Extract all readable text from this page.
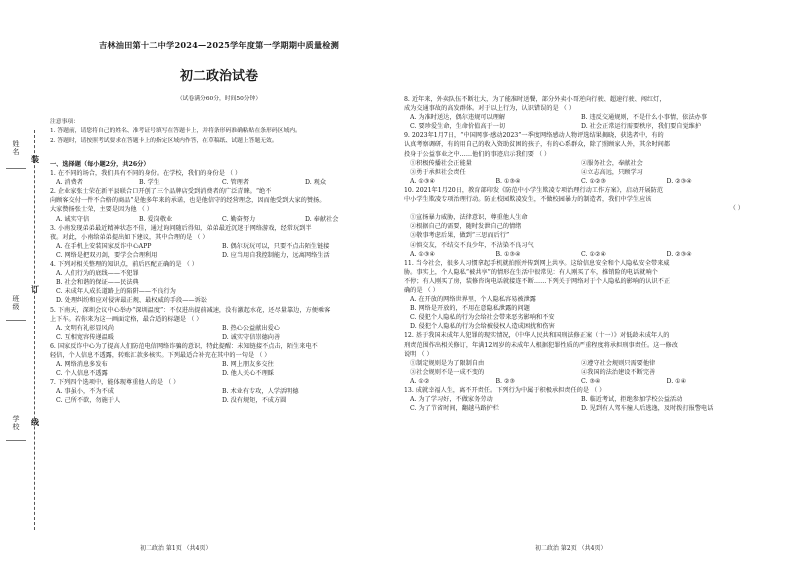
姓名
班级
学校
装
订
线
吉林油田第十二中学2024—2025学年度第一学期期中质量检测
初二政治试卷
（试卷满分60分，时间50分钟）
注意事项：
1. 答题前，请您将自己的姓名、准考证号填写在答题卡上，并将条形码准确粘贴在条形码区域内。
2. 答题时，请按照考试要求在答题卡上的指定区域内作答，在草稿纸、试题上答题无效。
一、选择题（每小题2分，共26分）
1. 在不同的场合，我们具有不同的身份。在学校，我们的身份是 （ ）
A. 消费者	B. 学生	C. 管理者	D. 观众
2. 企业家张士荣在新平县联合口开创了三个品牌店受到消费者的广泛青睐。“绝不
向顾客交付一件不合格的商品”是他多年来的承诺，也是他信守的经营理念，因而他受到大家的赞扬。
大家赞扬张士荣，主要是因为他 （ ）
A. 诚实守信	B. 爱岗敬业	C. 勤奋努力	D. 奉献社会
3. 小南发现弟弟最近精神状态不佳，通过询问随后得知，弟弟最近沉迷于网络游戏，经常玩到半
夜。对此，小南给弟弟提出如下建议，其中合理的是 （ ）
A. 在手机上安装国家反诈中心APP	B. 偶尔玩玩可以，只要不点击陌生链接
C. 网络是把双刃剑，要学会合理利用	D. 应当用自我控制能力，远离网络生活
4. 下列对相关整理的知识点，前后匹配正确的是 （ ）
A. 人们行为的底线——不犯罪
B. 社会和谐的保证——民法典
C. 未成年人成长道路上的陷阱——不良行为
D. 处理纠纷和应对侵害最正规、最权威的手段——诉讼
5. 下南天，深圳会议中心举办“深圳温度”：不仅进出提前减速，没有激起水花，还尽量靠边，方便乘客
上下车。若你来为这一画面定格，最合适的标题是 （ ）
A. 文明有礼彰显风尚	B. 热心公益献出爱心
C. 互相宽容传递温暖	D. 诚实守信崇德向善
6. 国家反诈中心为了提高人们防范电信网络诈骗的意识，特此提醒：未知链接不点击，陌生来电不
轻信，个人信息不透露，转账汇款多核实。下列最适合补充在其中的一句是 （ ）
A. 网络消息多发布	B. 网上朋友多交往
C. 个人信息不透露	D. 他人关心不理睬
7. 下列四个选项中，能体现尊重他人的是 （ ）
A. 事虽小，不为不成	B. 术业有专攻，人学活明德
C. 己所不欲，勿施于人	D. 没有规矩，不成方圆
8. 近年来，外卖队伍不断壮大，为了能准时送餐，部分外卖小哥逆向行驶、超速行驶、闯红灯，
成为交通事故的高发群体。对于以上行为，认识错误的是 （ ）
A. 为准时送达，偶尔违规可以理解	B. 违反交通规则，不是什么小事情，依法办事
C. 要珍爱生命，生命价值高于一切	D. 社会正常运行需要秩序，我们要自觉维护
9. 2023年1月7日，“中国网事·感动2023”一季度网络感动人物评选结果揭晓，获选者中，有的
认真考察调研，有的用自己的收入资助贫困的孩子，有的心系群众，除了照顾家人外，其余时间都
投身于公益事业之中……他们的事迹启示我们要 （ ）
①积极传播社会正能量	②服务社会，奉献社会
③勇于承担社会责任	④立志高远，只顾学习
A. ①③④	B. ①③④	C. ①②③	D. ②③④
10. 2021年1月20日，教育部印发《防范中小学生欺凌专项治理行动工作方案》，启动开展防范
中小学生欺凌专项治理行动。防止校园欺凌发生，不做校园暴力的制造者，我们中学生应该
（ ）
①宣扬暴力威胁，法律意识，尊重他人生命
②根据自己的需要，随时发泄自己的情绪
③敬事考虑后果，做到“三思而后行”
④慎交友，不结交不良少年，不沾染不良习气
A. ①③④	B. ①③④	C. ①②④	D. ②③④
11. 当今社会，很多人习惯拿起手机就拍照并传到网上共享。这给信息安全和个人隐私安全带来威
胁。事实上，个人隐私“被共享”的情形在生活中很常见：有人刚买了车，推销险的电话就响个
不停；有人刚买了房，装修咨询电话就接连不断……下列关于网络对于个人隐私的影响的认识不正
确的是 （ ）
A. 在开放的网络世界里，个人隐私容易被泄露
B. 网络是开放的，不用在意隐私泄露的问题
C. 侵犯个人隐私的行为会给社会带来恶劣影响和不安
D. 侵犯个人隐私的行为会给被侵权人造成困扰和伤害
12. 基于我国未成年人犯罪的现实情况，《中华人民共和国刑法修正案（十一）》对低龄未成年人的
刑责范围作出相关修订，年满12周岁的未成年人根据犯罪性质的严重程度将承担刑事责任。这一修改
说明 （ ）
①制定规则是为了限制自由	②遵守社会规则只需要他律
③社会规则不是一成不变的	④我国的法治建设不断完善
A. ①②	B. ②③	C. ③④	D. ①④
13. 成就幸福人生，离不开责任。下列行为中属于积极承担责任的是 （ ）
A. 为了学习好，不做家务劳动	B. 临近考试，拒绝参加学校公益活动
C. 为了节省时间，翻越马路护栏	D. 见到有人驾车撞人后逃逸，及时拨打报警电话
初二政治 第1页 （共4页）	初二政治 第2页 （共4页）
